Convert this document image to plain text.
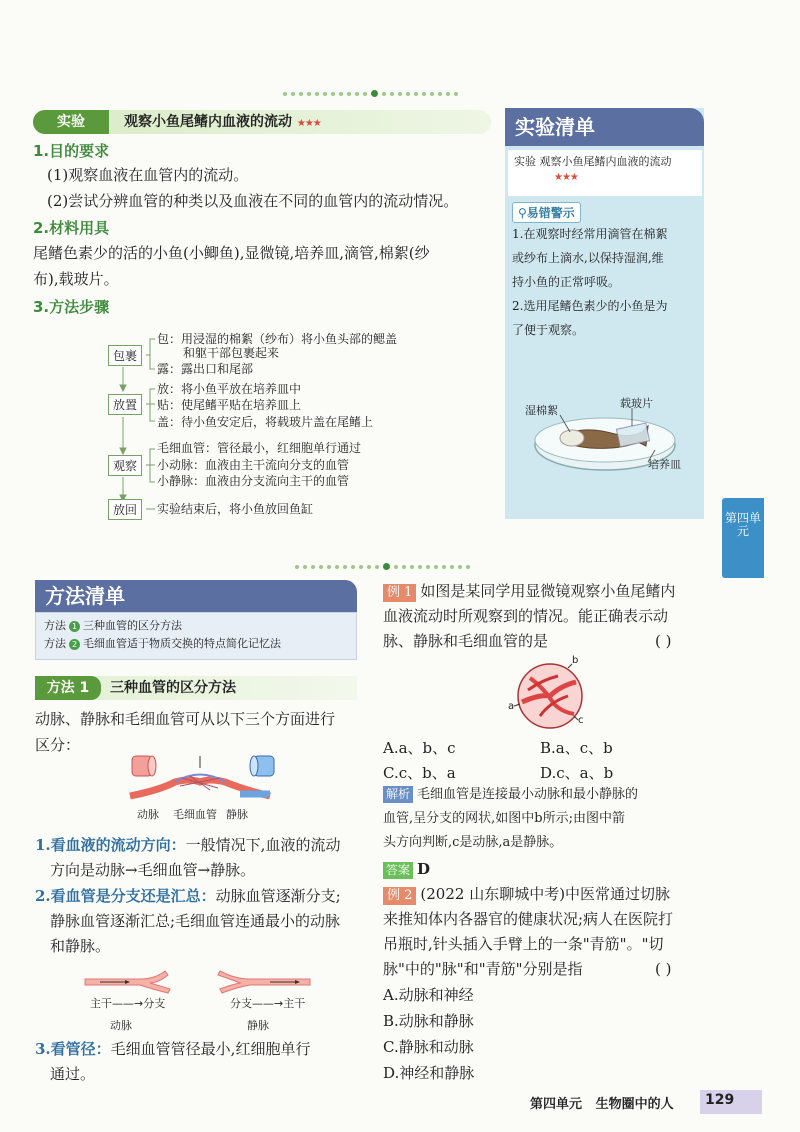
实验	观察小鱼尾鳍内血液的流动 ★★★
1.目的要求
(1)观察血液在血管内的流动。
(2)尝试分辨血管的种类以及血液在不同的血管内的流动情况。
2.材料用具
尾鳍色素少的活的小鱼(小鲫鱼),显微镜,培养皿,滴管,棉絮(纱
布),载玻片。
3.方法步骤
包裹
包：用浸湿的棉絮（纱布）将小鱼头部的鳃盖
和躯干部包裹起来
露：露出口和尾部
放置
放：将小鱼平放在培养皿中
贴：使尾鳍平贴在培养皿上
盖：待小鱼安定后，将载玻片盖在尾鳍上
观察
毛细血管：管径最小，红细胞单行通过
小动脉：血液由主干流向分支的血管
小静脉：血液由分支流向主干的血管
放回	实验结束后，将小鱼放回鱼缸
实验清单
实验 观察小鱼尾鳍内血液的流动
★★★
⚲易错警示
1.在观察时经常用滴管在棉絮
或纱布上滴水,以保持湿润,维
持小鱼的正常呼吸。
2.选用尾鳍色素少的小鱼是为
了便于观察。
湿棉絮
载玻片
培养皿
第四单元
方法清单
方法 1 三种血管的区分方法
方法 2 毛细血管适于物质交换的特点简化记忆法
方法 1	三种血管的区分方法
动脉、静脉和毛细血管可从以下三个方面进行
区分：
动脉 毛细血管 静脉
1.看血液的流动方向：一般情况下,血液的流动
方向是动脉→毛细血管→静脉。
2.看血管是分支还是汇总：动脉血管逐渐分支;
静脉血管逐渐汇总;毛细血管连通最小的动脉
和静脉。
主干——→分支
动脉
分支——→主干
静脉
3.看管径：毛细血管管径最小,红细胞单行
通过。
例 1 如图是某同学用显微镜观察小鱼尾鳍内
血液流动时所观察到的情况。能正确表示动
脉、静脉和毛细血管的是	( )
b
a
c
A.a、b、c	B.a、c、b
C.c、b、a	D.c、a、b
解析 毛细血管是连接最小动脉和最小静脉的
血管,呈分支的网状,如图中b所示;由图中箭
头方向判断,c是动脉,a是静脉。
答案 D
例 2 (2022 山东聊城中考)中医常通过切脉
来推知体内各器官的健康状况;病人在医院打
吊瓶时,针头插入手臂上的一条"青筋"。"切
脉"中的"脉"和"青筋"分别是指	( )
A.动脉和神经
B.动脉和静脉
C.静脉和动脉
D.神经和静脉
第四单元 生物圈中的人 129
